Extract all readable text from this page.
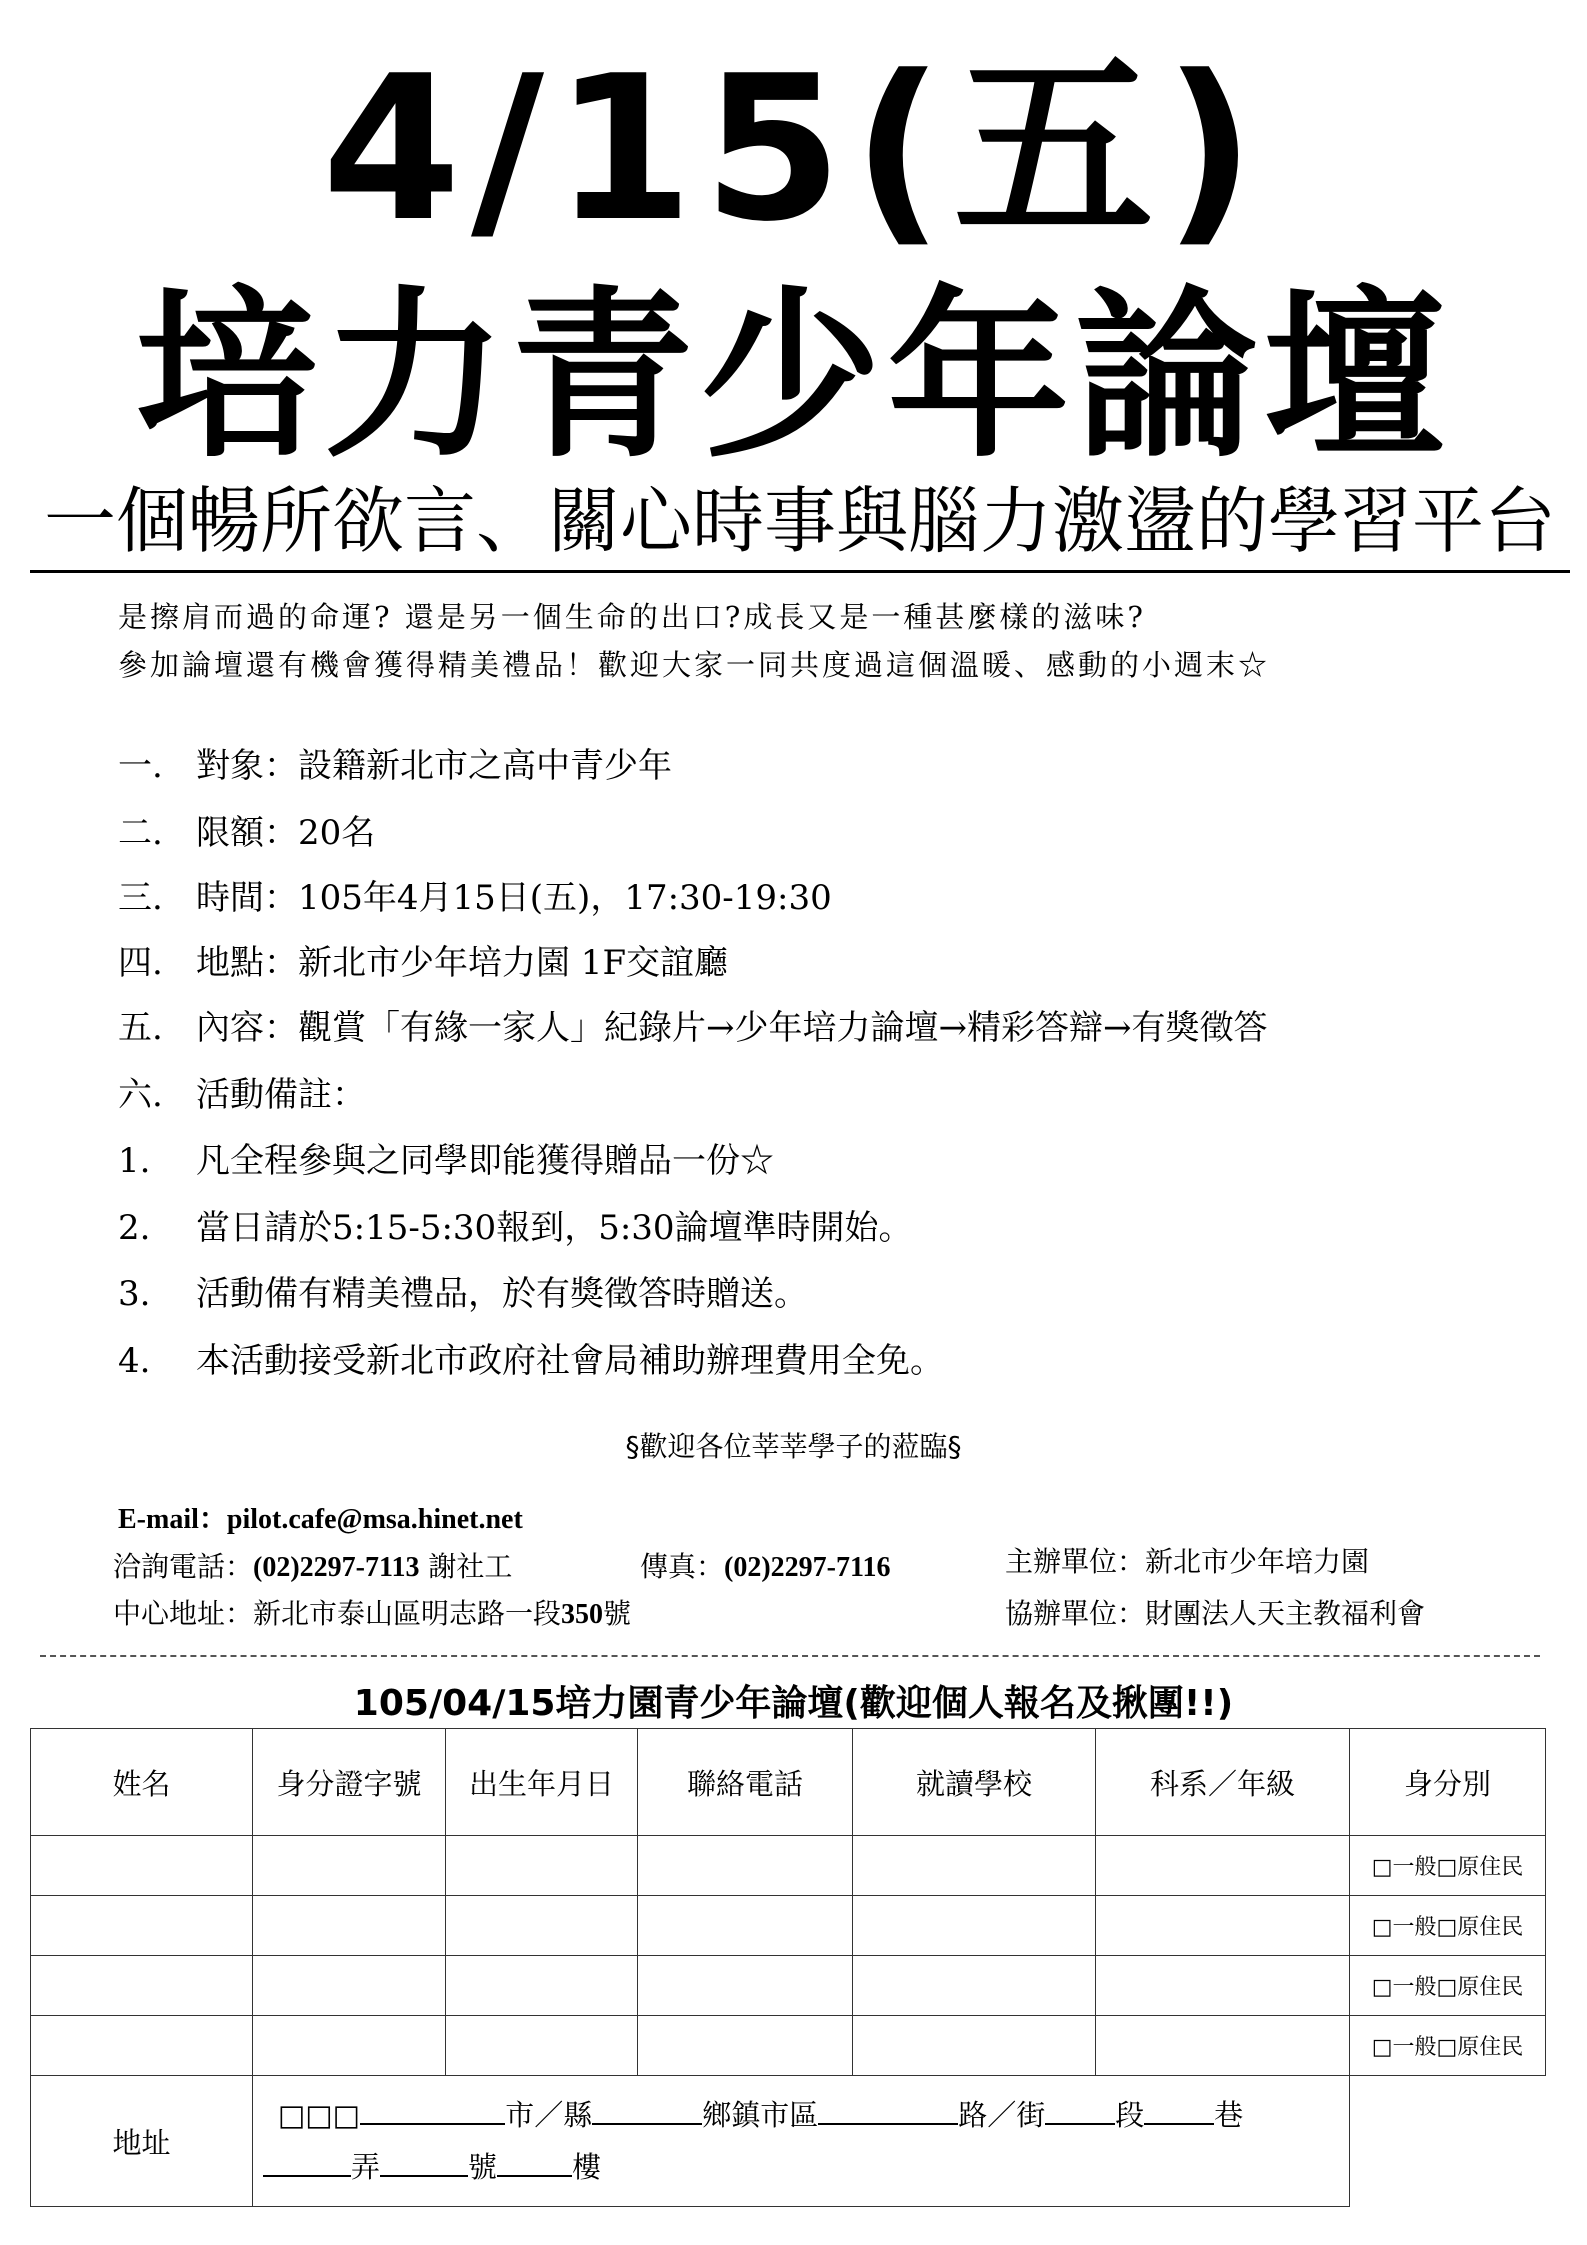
4/15(五)
培力青少年論壇
一個暢所欲言、關心時事與腦力激盪的學習平台
是擦肩而過的命運? 還是另一個生命的出口?成長又是一種甚麼樣的滋味?
參加論壇還有機會獲得精美禮品！歡迎大家一同共度過這個溫暖、感動的小週末☆
一. 對象：設籍新北市之高中青少年
二. 限額：20名
三. 時間：105年4月15日(五)，17:30-19:30
四. 地點：新北市少年培力園 1F交誼廳
五. 內容：觀賞「有緣一家人」紀錄片→少年培力論壇→精彩答辯→有獎徵答
六. 活動備註：
1. 凡全程參與之同學即能獲得贈品一份☆
2. 當日請於5:15-5:30報到，5:30論壇準時開始。
3. 活動備有精美禮品，於有獎徵答時贈送。
4. 本活動接受新北市政府社會局補助辦理費用全免。
§歡迎各位莘莘學子的蒞臨§
E-mail：pilot.cafe@msa.hinet.net
洽詢電話：(02)2297-7113 謝社工	傳真：(02)2297-7116	主辦單位：新北市少年培力園
中心地址：新北市泰山區明志路一段350號	協辦單位：財團法人天主教福利會
105/04/15培力園青少年論壇(歡迎個人報名及揪團!!)
姓名	身分證字號	出生年月日	聯絡電話	就讀學校	科系／年級	身分別
						□一般□原住民
						□一般□原住民
						□一般□原住民
						□一般□原住民
地址	□□□ 市／縣 鄉鎮市區 路／街 段 巷
弄 號 樓					
